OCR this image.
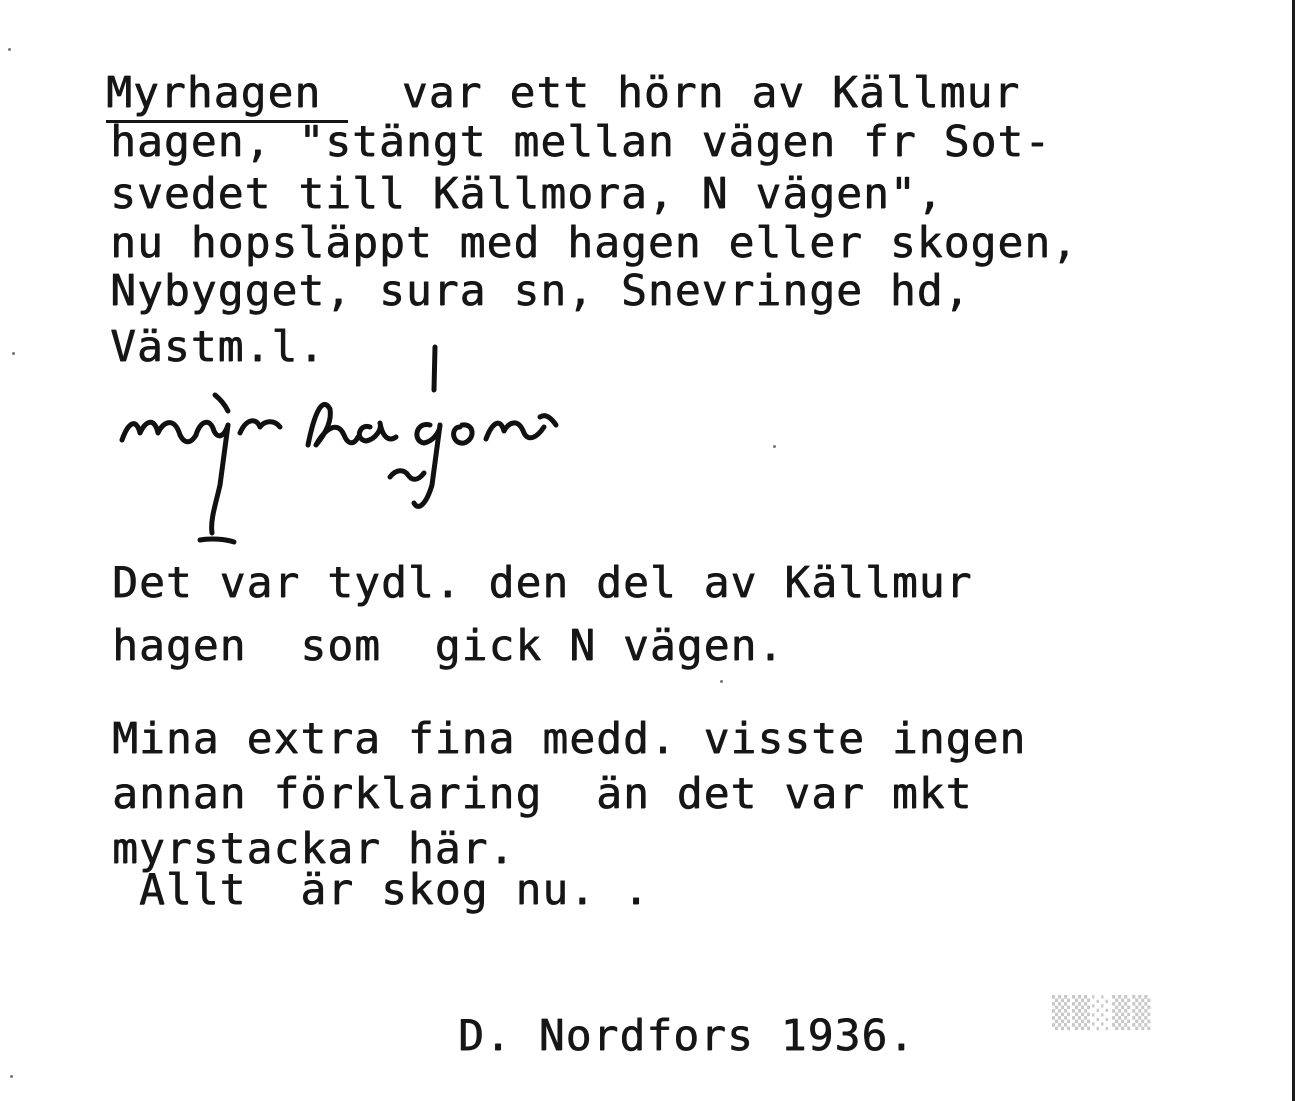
Myrhagen   var ett hörn av Källmur
hagen, "stängt mellan vägen fr Sot-
svedet till Källmora, N vägen",
nu hopsläppt med hagen eller skogen,
Nybygget, sura sn, Snevringe hd,
Västm.l.
Det var tydl. den del av Källmur
hagen  som  gick N vägen.
Mina extra fina medd. visste ingen
annan förklaring  än det var mkt
myrstackar här.
Allt  är skog nu. .
D. Nordfors 1936.	▒▒░▒▒
